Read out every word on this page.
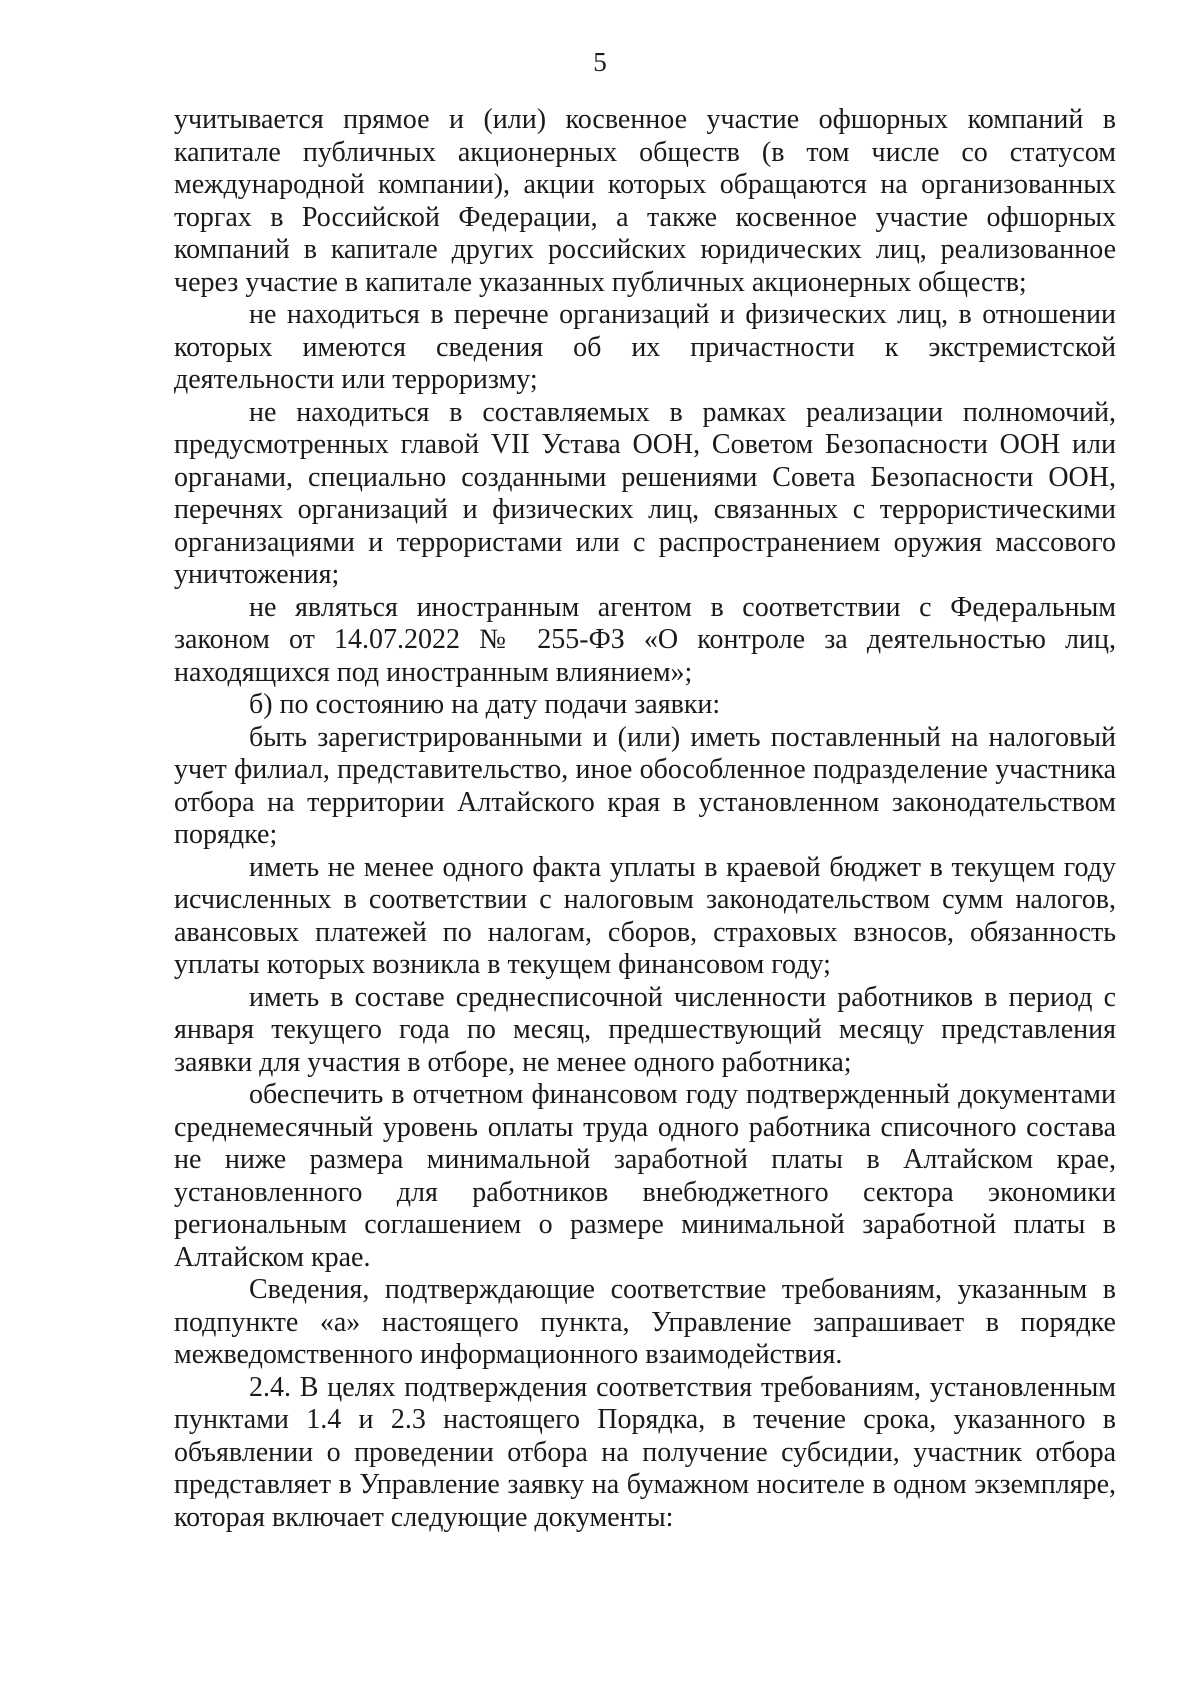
5

учитывается прямое и (или) косвенное участие офшорных компаний в капитале публичных акционерных обществ (в том числе со статусом международной компании), акции которых обращаются на организованных торгах в Российской Федерации, а также косвенное участие офшорных компаний в капитале других российских юридических лиц, реализованное через участие в капитале указанных публичных акционерных обществ;

не находиться в перечне организаций и физических лиц, в отношении которых имеются сведения об их причастности к экстремистской деятельности или терроризму;

не находиться в составляемых в рамках реализации полномочий, предусмотренных главой VII Устава ООН, Советом Безопасности ООН или органами, специально созданными решениями Совета Безопасности ООН, перечнях организаций и физических лиц, связанных с террористическими организациями и террористами или с распространением оружия массового уничтожения;

не являться иностранным агентом в соответствии с Федеральным законом от 14.07.2022 № 255-ФЗ «О контроле за деятельностью лиц, находящихся под иностранным влиянием»;

б) по состоянию на дату подачи заявки:

быть зарегистрированными и (или) иметь поставленный на налоговый учет филиал, представительство, иное обособленное подразделение участника отбора на территории Алтайского края в установленном законодательством порядке;

иметь не менее одного факта уплаты в краевой бюджет в текущем году исчисленных в соответствии с налоговым законодательством сумм налогов, авансовых платежей по налогам, сборов, страховых взносов, обязанность уплаты которых возникла в текущем финансовом году;

иметь в составе среднесписочной численности работников в период с января текущего года по месяц, предшествующий месяцу представления заявки для участия в отборе, не менее одного работника;

обеспечить в отчетном финансовом году подтвержденный документами среднемесячный уровень оплаты труда одного работника списочного состава не ниже размера минимальной заработной платы в Алтайском крае, установленного для работников внебюджетного сектора экономики региональным соглашением о размере минимальной заработной платы в Алтайском крае.

Сведения, подтверждающие соответствие требованиям, указанным в подпункте «а» настоящего пункта, Управление запрашивает в порядке межведомственного информационного взаимодействия.

2.4. В целях подтверждения соответствия требованиям, установленным пунктами 1.4 и 2.3 настоящего Порядка, в течение срока, указанного в объявлении о проведении отбора на получение субсидии, участник отбора представляет в Управление заявку на бумажном носителе в одном экземпляре, которая включает следующие документы:
